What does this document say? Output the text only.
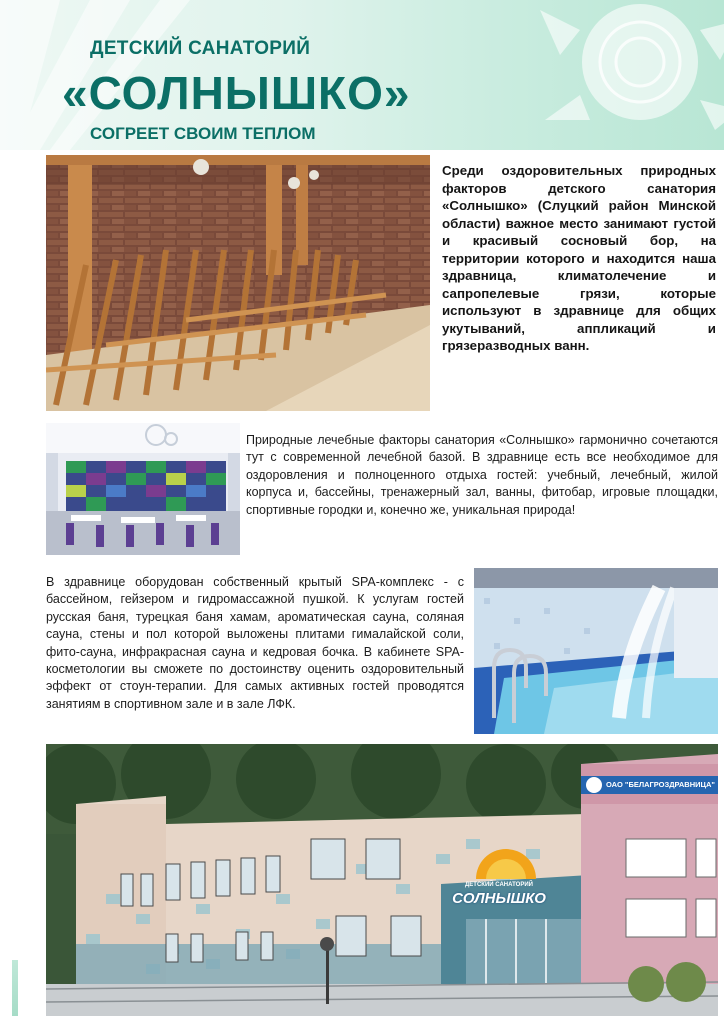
ДЕТСКИЙ САНАТОРИЙ
«СОЛНЫШКО»
СОГРЕЕТ СВОИМ ТЕПЛОМ
Среди оздоровительных природных факторов детского санатория «Солнышко» (Слуцкий район Минской области) важное место занимают густой и красивый сосновый бор, на территории которого и находится наша здравница, климатолечение и сапропелевые грязи, которые используют в здравнице для общих укутываний, аппликаций и грязеразводных ванн.
Природные лечебные факторы санатория «Солнышко» гармонично сочетаются тут с современной лечебной базой. В здравнице есть все необходимое для оздоровления и полноценного отдыха гостей: учебный, лечебный, жилой корпуса и, бассейны, тренажерный зал, ванны, фитобар, игровые площадки, спортивные городки и, конечно же, уникальная природа!
В здравнице оборудован собственный крытый SPA-комплекс - с бассейном, гейзером и гидромассажной пушкой. К услугам гостей русская баня, турецкая баня хамам, ароматическая сауна, соляная сауна, стены и пол которой выложены плитами гималайской соли, фито-сауна, инфракрасная сауна и кедровая бочка. В кабинете SPA-косметологии вы сможете по достоинству оценить оздоровительный эффект от стоун-терапии. Для самых активных гостей проводятся занятиям в спортивном зале и в зале ЛФК.
ДЕТСКИЙ САНАТОРИЙ
СОЛНЫШКО
ОАО "БЕЛАГРОЗДРАВНИЦА"
